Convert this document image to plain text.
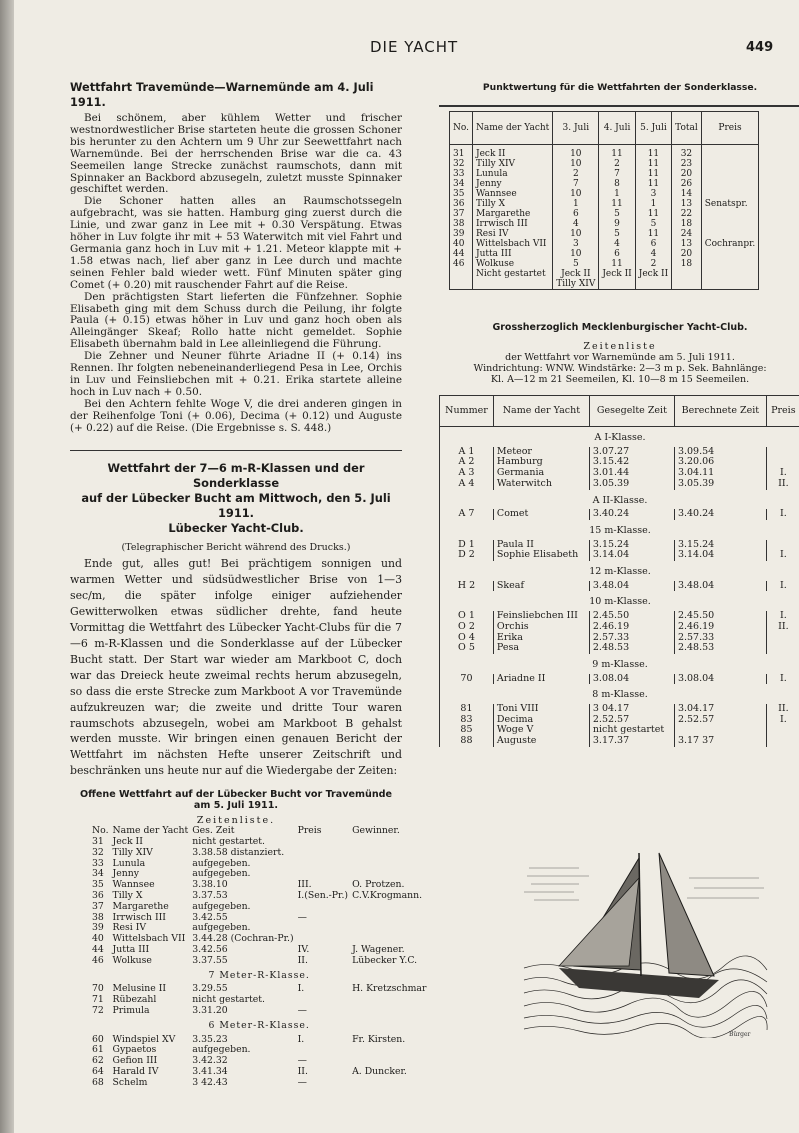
DIE YACHT	449
Wettfahrt Travemünde—Warnemünde am 4. Juli 1911.

Bei schönem, aber kühlem Wetter und frischer westnordwestlicher Brise starteten heute die grossen Schoner bis herunter zu den Achtern um 9 Uhr zur Seewettfahrt nach Warnemünde. Bei der herrschenden Brise war die ca. 43 Seemeilen lange Strecke zunächst raumschots, dann mit Spinnaker an Backbord abzusegeln, zuletzt musste Spinnaker geschiftet werden.

Die Schoner hatten alles an Raumschotssegeln aufgebracht, was sie hatten. Hamburg ging zuerst durch die Linie, und zwar ganz in Lee mit + 0.30 Verspätung. Etwas höher in Luv folgte ihr mit + 53 Waterwitch mit viel Fahrt und Germania ganz hoch in Luv mit + 1.21. Meteor klappte mit + 1.58 etwas nach, lief aber ganz in Lee durch und machte seinen Fehler bald wieder wett. Fünf Minuten später ging Comet (+ 0.20) mit rauschender Fahrt auf die Reise.

Den prächtigsten Start lieferten die Fünfzehner. Sophie Elisabeth ging mit dem Schuss durch die Peilung, ihr folgte Paula (+ 0.15) etwas höher in Luv und ganz hoch oben als Alleingänger Skeaf; Rollo hatte nicht gemeldet. Sophie Elisabeth übernahm bald in Lee alleinliegend die Führung.

Die Zehner und Neuner führte Ariadne II (+ 0.14) ins Rennen. Ihr folgten nebeneinanderliegend Pesa in Lee, Orchis in Luv und Feinsliebchen mit + 0.21. Erika startete alleine hoch in Luv nach + 0.50.

Bei den Achtern fehlte Woge V, die drei anderen gingen in der Reihenfolge Toni (+ 0.06), Decima (+ 0.12) und Auguste (+ 0.22) auf die Reise. (Die Ergebnisse s. S. 448.)

Wettfahrt der 7—6 m-R-Klassen und der Sonderklasse
auf der Lübecker Bucht am Mittwoch, den 5. Juli 1911.
Lübecker Yacht-Club.
(Telegraphischer Bericht während des Drucks.)

Ende gut, alles gut! Bei prächtigem sonnigen und warmen Wetter und südsüdwestlicher Brise von 1—3 sec/m, die später infolge einiger aufziehender Gewitterwolken etwas südlicher drehte, fand heute Vormittag die Wettfahrt des Lübecker Yacht-Clubs für die 7—6 m-R-Klassen und die Sonderklasse auf der Lübecker Bucht statt. Der Start war wieder am Markboot C, doch war das Dreieck heute zweimal rechts herum abzusegeln, so dass die erste Strecke zum Markboot A vor Travemünde aufzukreuzen war; die zweite und dritte Tour waren raumschots abzusegeln, wobei am Markboot B gehalst werden musste. Wir bringen einen genauen Bericht der Wettfahrt im nächsten Hefte unserer Zeitschrift und beschränken uns heute nur auf die Wiedergabe der Zeiten:

Offene Wettfahrt auf der Lübecker Bucht vor Travemünde
am 5. Juli 1911.
Zeitenliste.
No.	Name der Yacht	Ges. Zeit	Preis	Gewinner.
31	Jeck II	nicht gestartet.		
32	Tilly XIV	3.38.58 distanziert.		
33	Lunula	aufgegeben.		
34	Jenny	aufgegeben.		
35	Wannsee	3.38.10	III.	O. Protzen.
36	Tilly X	3.37.53	I.(Sen.-Pr.)	C.V.Krogmann.
37	Margarethe	aufgegeben.		
38	Irrwisch III	3.42.55	—	
39	Resi IV	aufgegeben.		
40	Wittelsbach VII	3.44.28 (Cochran-Pr.)		
44	Jutta III	3.42.56	IV.	J. Wagener.
46	Wolkuse	3.37.55	II.	Lübecker Y.C.
7 Meter-R-Klasse.				
70	Melusine II	3.29.55	I.	H. Kretzschmar
71	Rübezahl	nicht gestartet.		
72	Primula	3.31.20	—	
6 Meter-R-Klasse.				
60	Windspiel XV	3.35.23	I.	Fr. Kirsten.
61	Gypaetos	aufgegeben.		
62	Gefion III	3.42.32	—	
64	Harald IV	3.41.34	II.	A. Duncker.
68	Schelm	3 42.43	—	
Punktwertung für die Wettfahrten der Sonderklasse.
No.	Name der Yacht	3. Juli	4. Juli	5. Juli	Total	Preis
31	Jeck II	10	11	11	32	
32	Tilly XIV	10	2	11	23	
33	Lunula	2	7	11	20	
34	Jenny	7	8	11	26	
35	Wannsee	10	1	3	14	
36	Tilly X	1	11	1	13	Senatspr.
37	Margarethe	6	5	11	22	
38	Irrwisch III	4	9	5	18	
39	Resi IV	10	5	11	24	
40	Wittelsbach VII	3	4	6	13	Cochranpr.
44	Jutta III	10	6	4	20	
46	Wolkuse	5	11	2	18	
	Nicht gestartet	Jeck II	Jeck II	Jeck II		
		Tilly XIV				
Grossherzoglich Mecklenburgischer Yacht-Club.
Zeitenliste
der Wettfahrt vor Warnemünde am 5. Juli 1911.
Windrichtung: WNW. Windstärke: 2—3 m p. Sek. Bahnlänge:
Kl. A—12 m 21 Seemeilen, Kl. 10—8 m 15 Seemeilen.
Nummer	Name der Yacht	Gesegelte Zeit	Berechnete Zeit	Preis
A I-Klasse.				
A 1	Meteor	3.07.27	3.09.54	
A 2	Hamburg	3.15.42	3.20.06	
A 3	Germania	3.01.44	3.04.11	I.
A 4	Waterwitch	3.05.39	3.05.39	II.
A II-Klasse.				
A 7	Comet	3.40.24	3.40.24	I.
15 m-Klasse.				
D 1	Paula II	3.15.24	3.15.24	
D 2	Sophie Elisabeth	3.14.04	3.14.04	I.
12 m-Klasse.				
H 2	Skeaf	3.48.04	3.48.04	I.
10 m-Klasse.				
O 1	Feinsliebchen III	2.45.50	2.45.50	I.
O 2	Orchis	2.46.19	2.46.19	II.
O 4	Erika	2.57.33	2.57.33	
O 5	Pesa	2.48.53	2.48.53	
9 m-Klasse.				
70	Ariadne II	3.08.04	3.08.04	I.
8 m-Klasse.				
81	Toni VIII	3 04.17	3.04.17	II.
83	Decima	2.52.57	2.52.57	I.
85	Woge V	nicht gestartet		
88	Auguste	3.17.37	3.17 37	
Bürger
